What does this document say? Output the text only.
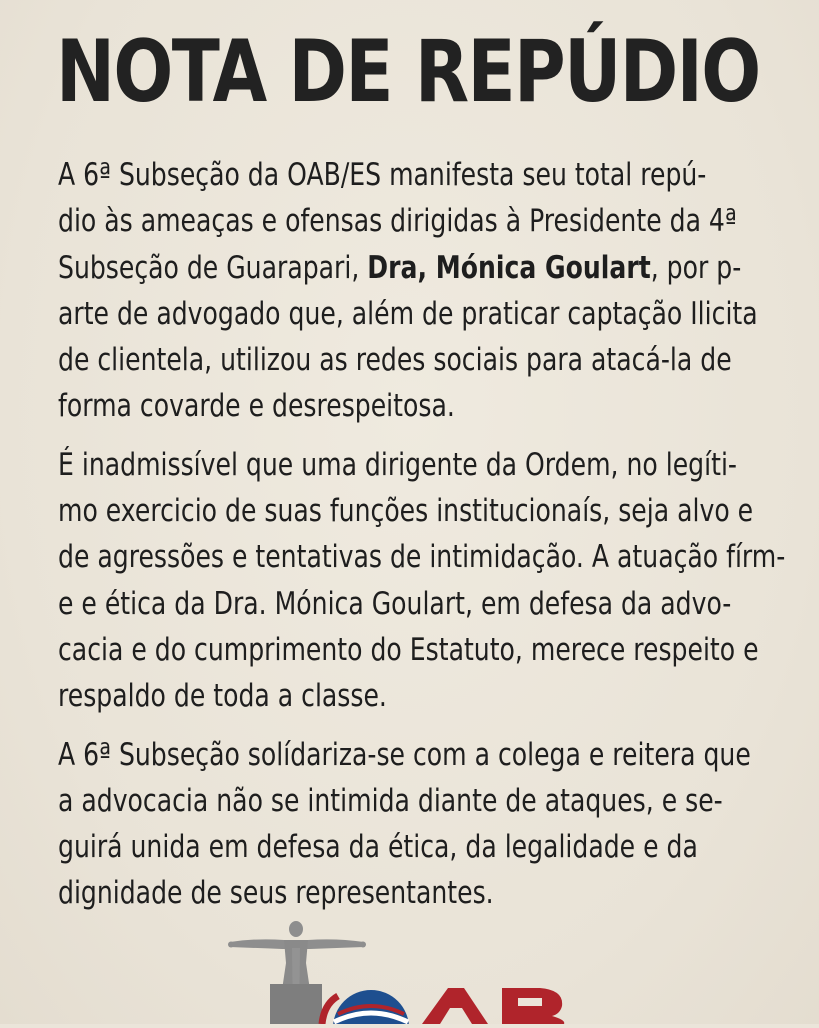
NOTA DE REPÚDIO

A 6ª Subseção da OAB/ES manifesta seu total repú-
dio às ameaças e ofensas dirigidas à Presidente da 4ª
Subseção de Guarapari, Dra, Mónica Goulart, por p-
arte de advogado que, além de praticar captação Ilicita
de clientela, utilizou as redes sociais para atacá-la de
forma covarde e desrespeitosa.

É inadmissível que uma dirigente da Ordem, no legíti-
mo exercicio de suas funções institucionaís, seja alvo e
de agressões e tentativas de intimidação. A atuação fírm-
e e ética da Dra. Mónica Goulart, em defesa da advo-
cacia e do cumprimento do Estatuto, merece respeito e
respaldo de toda a classe.

A 6ª Subseção solídariza-se com a colega e reitera que
a advocacia não se intimida diante de ataques, e se-
guirá unida em defesa da ética, da legalidade e da
dignidade de seus representantes.
